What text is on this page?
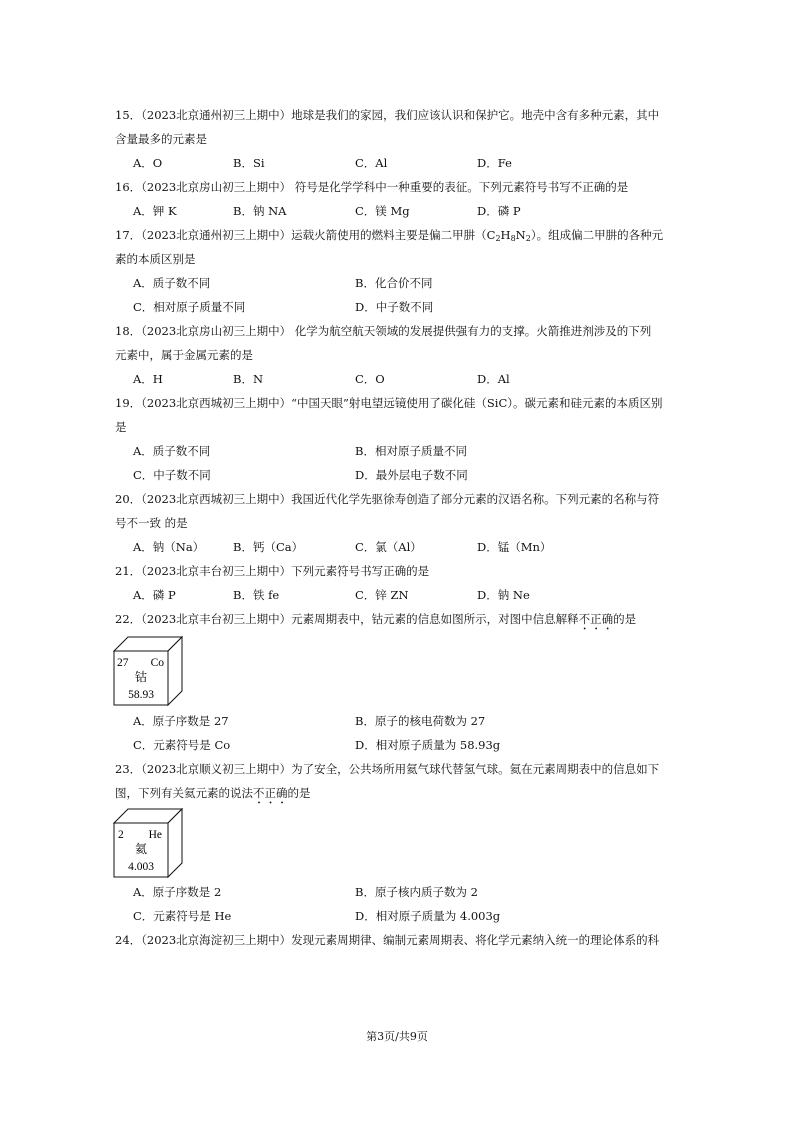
15．（2023北京通州初三上期中）地球是我们的家园，我们应该认识和保护它。地壳中含有多种元素，其中
含量最多的元素是
A．O	B．Si	C．Al	D．Fe
16．（2023北京房山初三上期中） 符号是化学学科中一种重要的表征。下列元素符号书写不正确的是
A．钾 K	B．钠 NA	C．镁 Mg	D．磷 P
17．（2023北京通州初三上期中）运载火箭使用的燃料主要是偏二甲肼$(C_2H_8N_2)$。组成偏二甲肼的各种元
素的本质区别是
A．质子数不同	B．化合价不同
C．相对原子质量不同	D．中子数不同
18．（2023北京房山初三上期中） 化学为航空航天领域的发展提供强有力的支撑。火箭推进剂涉及的下列
元素中，属于金属元素的是
A．H	B．N	C．O	D．Al
19．（2023北京西城初三上期中）“中国天眼”射电望远镜使用了碳化硅（SiC）。碳元素和硅元素的本质区别
是
A．质子数不同	B．相对原子质量不同
C．中子数不同	D．最外层电子数不同
20．（2023北京西城初三上期中）我国近代化学先驱徐寿创造了部分元素的汉语名称。下列元素的名称与符
号不一致 的是
A．钠（Na）	B．钙（Ca）	C．氯（Al）	D．锰（Mn）
21．（2023北京丰台初三上期中）下列元素符号书写正确的是
A．磷 P	B．铁 fe	C．锌 ZN	D．钠 Ne
22．（2023北京丰台初三上期中）元素周期表中，钴元素的信息如图所示，对图中信息解释不正确的是
27 Co
钴
58.93
A．原子序数是 27	B．原子的核电荷数为 27
C．元素符号是 Co	D．相对原子质量为 58.93g
23．（2023北京顺义初三上期中）为了安全，公共场所用氦气球代替氢气球。氦在元素周期表中的信息如下
图，下列有关氦元素的说法不正确的是
2 He
氦
4.003
A．原子序数是 2	B．原子核内质子数为 2
C．元素符号是 He	D．相对原子质量为 4.003g
24．（2023北京海淀初三上期中）发现元素周期律、编制元素周期表、将化学元素纳入统一的理论体系的科
第3页/共9页
